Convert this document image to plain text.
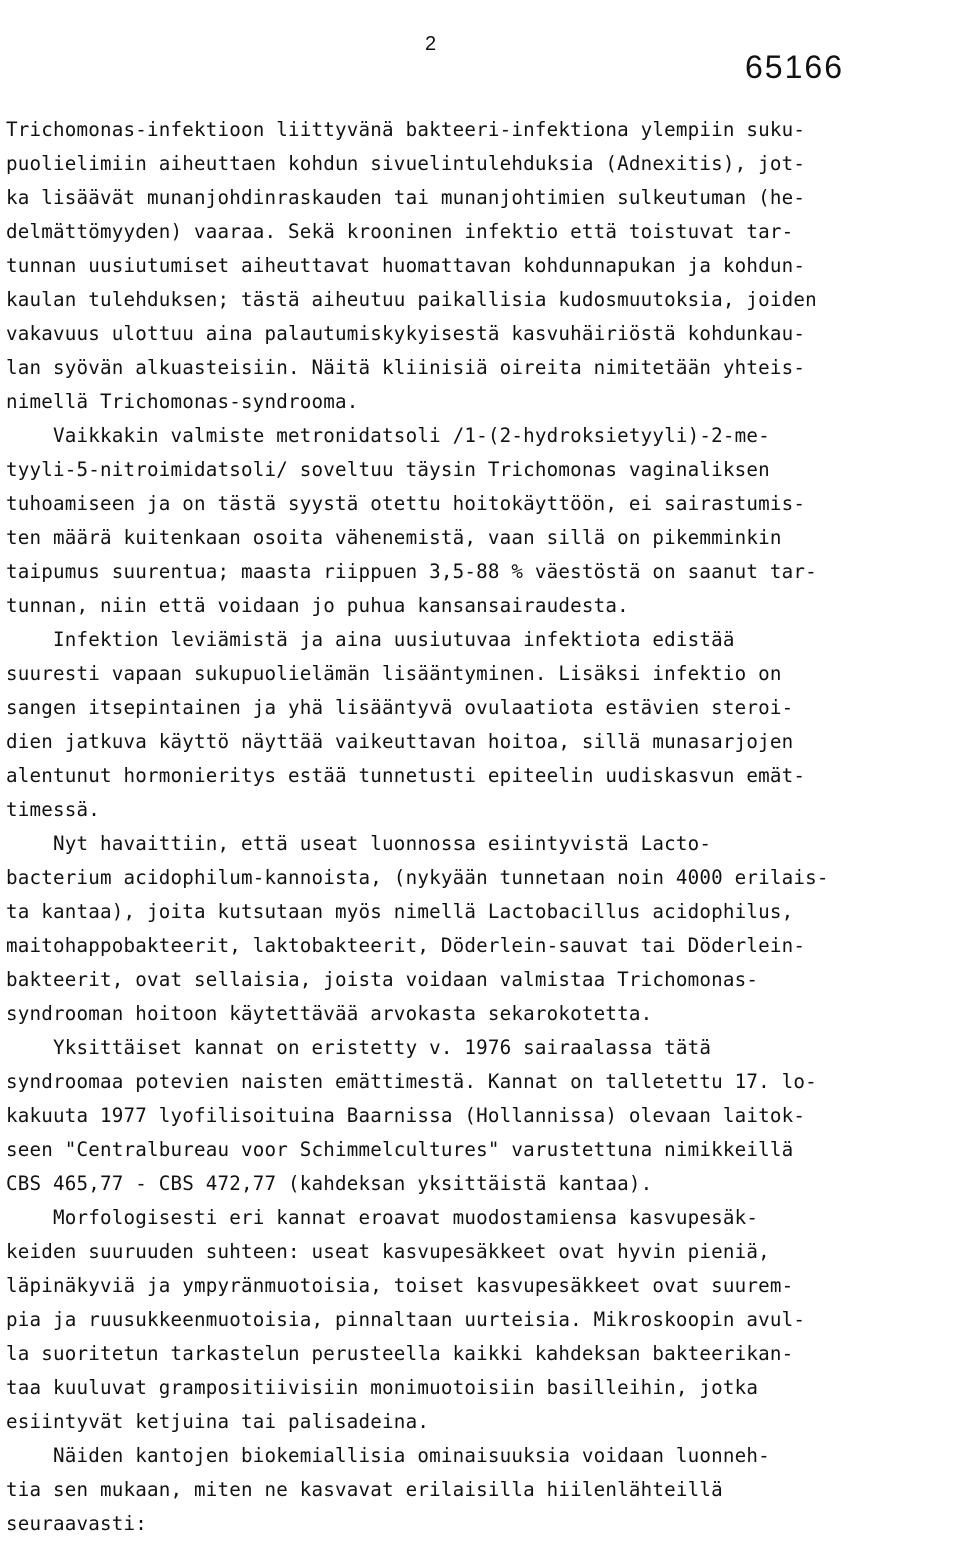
2
65166
Trichomonas-infektioon liittyvänä bakteeri-infektiona ylempiin suku-
puolielimiin aiheuttaen kohdun sivuelintulehduksia (Adnexitis), jot-
ka lisäävät munanjohdinraskauden tai munanjohtimien sulkeutuman (he-
delmättömyyden) vaaraa. Sekä krooninen infektio että toistuvat tar-
tunnan uusiutumiset aiheuttavat huomattavan kohdunnapukan ja kohdun-
kaulan tulehduksen; tästä aiheutuu paikallisia kudosmuutoksia, joiden
vakavuus ulottuu aina palautumiskykyisestä kasvuhäiriöstä kohdunkau-
lan syövän alkuasteisiin. Näitä kliinisiä oireita nimitetään yhteis-
nimellä Trichomonas-syndrooma.
Vaikkakin valmiste metronidatsoli /1-(2-hydroksietyyli)-2-me-
tyyli-5-nitroimidatsoli/ soveltuu täysin Trichomonas vaginaliksen
tuhoamiseen ja on tästä syystä otettu hoitokäyttöön, ei sairastumis-
ten määrä kuitenkaan osoita vähenemistä, vaan sillä on pikemminkin
taipumus suurentua; maasta riippuen 3,5-88 % väestöstä on saanut tar-
tunnan, niin että voidaan jo puhua kansansairaudesta.
Infektion leviämistä ja aina uusiutuvaa infektiota edistää
suuresti vapaan sukupuolielämän lisääntyminen. Lisäksi infektio on
sangen itsepintainen ja yhä lisääntyvä ovulaatiota estävien steroi-
dien jatkuva käyttö näyttää vaikeuttavan hoitoa, sillä munasarjojen
alentunut hormonieritys estää tunnetusti epiteelin uudiskasvun emät-
timessä.
Nyt havaittiin, että useat luonnossa esiintyvistä Lacto-
bacterium acidophilum-kannoista, (nykyään tunnetaan noin 4000 erilais-
ta kantaa), joita kutsutaan myös nimellä Lactobacillus acidophilus,
maitohappobakteerit, laktobakteerit, Döderlein-sauvat tai Döderlein-
bakteerit, ovat sellaisia, joista voidaan valmistaa Trichomonas-
syndrooman hoitoon käytettävää arvokasta sekarokotetta.
Yksittäiset kannat on eristetty v. 1976 sairaalassa tätä
syndroomaa potevien naisten emättimestä. Kannat on talletettu 17. lo-
kakuuta 1977 lyofilisoituina Baarnissa (Hollannissa) olevaan laitok-
seen "Centralbureau voor Schimmelcultures" varustettuna nimikkeillä
CBS 465,77 - CBS 472,77 (kahdeksan yksittäistä kantaa).
Morfologisesti eri kannat eroavat muodostamiensa kasvupesäk-
keiden suuruuden suhteen: useat kasvupesäkkeet ovat hyvin pieniä,
läpinäkyviä ja ympyränmuotoisia, toiset kasvupesäkkeet ovat suurem-
pia ja ruusukkeenmuotoisia, pinnaltaan uurteisia. Mikroskoopin avul-
la suoritetun tarkastelun perusteella kaikki kahdeksan bakteerikan-
taa kuuluvat grampositiivisiin monimuotoisiin basilleihin, jotka
esiintyvät ketjuina tai palisadeina.
Näiden kantojen biokemiallisia ominaisuuksia voidaan luonneh-
tia sen mukaan, miten ne kasvavat erilaisilla hiilenlähteillä
seuraavasti:
